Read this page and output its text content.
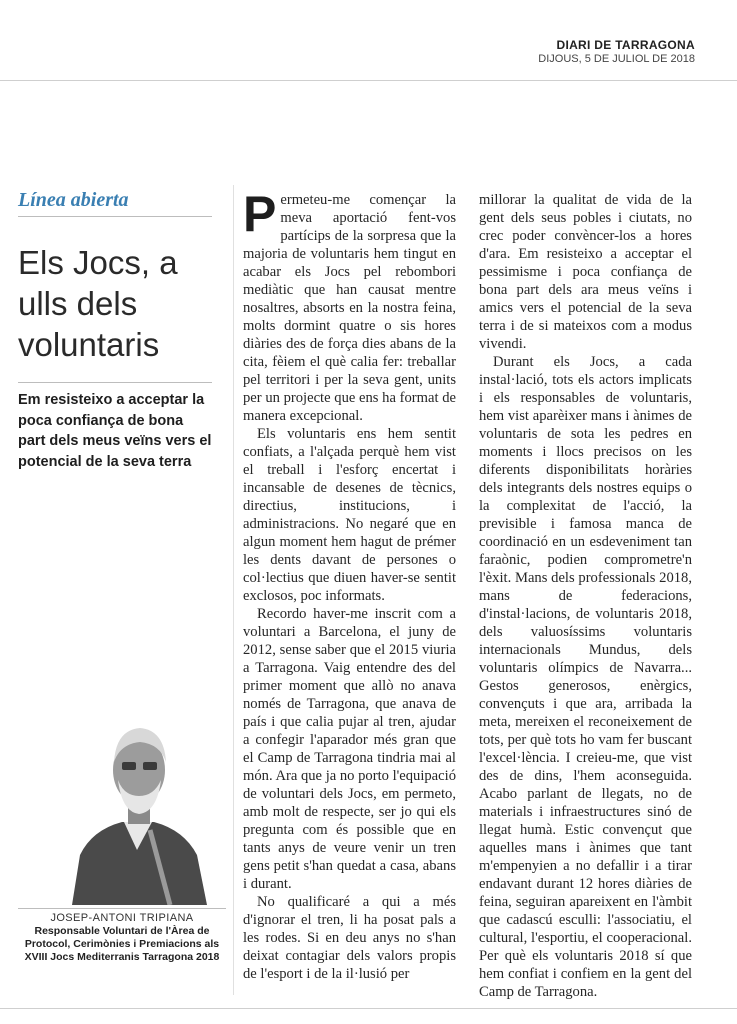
DIARI DE TARRAGONA
DIJOUS, 5 DE JULIOL DE 2018
Línea abierta
Els Jocs, a ulls dels voluntaris

Em resisteixo a acceptar la poca confiança de bona part dels meus veïns vers el potencial de la seva terra

JOSEP-ANTONI TRIPIANA
Responsable Voluntari de l'Àrea de Protocol, Cerimònies i Premiacions als XVIII Jocs Mediterranis Tarragona 2018

Permeteu-me començar la meva aportació fent-vos partícips de la sorpresa que la majoria de voluntaris hem tingut en acabar els Jocs pel rebombori mediàtic que han causat mentre nosaltres, absorts en la nostra feina, molts dormint quatre o sis hores diàries des de força dies abans de la cita, fèiem el què calia fer: treballar pel territori i per la seva gent, units per un projecte que ens ha format de manera excepcional.

Els voluntaris ens hem sentit confiats, a l'alçada perquè hem vist el treball i l'esforç encertat i incansable de desenes de tècnics, directius, institucions, i administracions. No negaré que en algun moment hem hagut de prémer les dents davant de persones o col·lectius que diuen haver-se sentit exclosos, poc informats.

Recordo haver-me inscrit com a voluntari a Barcelona, el juny de 2012, sense saber que el 2015 viuria a Tarragona. Vaig entendre des del primer moment que allò no anava només de Tarragona, que anava de país i que calia pujar al tren, ajudar a confegir l'aparador més gran que el Camp de Tarragona tindria mai al món. Ara que ja no porto l'equipació de voluntari dels Jocs, em permeto, amb molt de respecte, ser jo qui els pregunta com és possible que en tants anys de veure venir un tren gens petit s'han quedat a casa, abans i durant.

No qualificaré a qui a més d'ignorar el tren, li ha posat pals a les rodes. Si en deu anys no s'han deixat contagiar dels valors propis de l'esport i de la il·lusió per

millorar la qualitat de vida de la gent dels seus pobles i ciutats, no crec poder convèncer-los a hores d'ara. Em resisteixo a acceptar el pessimisme i poca confiança de bona part dels ara meus veïns i amics vers el potencial de la seva terra i de si mateixos com a modus vivendi.

Durant els Jocs, a cada instal·lació, tots els actors implicats i els responsables de voluntaris, hem vist aparèixer mans i ànimes de voluntaris de sota les pedres en moments i llocs precisos on les diferents disponibilitats horàries dels integrants dels nostres equips o la complexitat de l'acció, la previsible i famosa manca de coordinació en un esdeveniment tan faraònic, podien comprometre'n l'èxit. Mans dels professionals 2018, mans de federacions, d'instal·lacions, de voluntaris 2018, dels valuosíssims voluntaris internacionals Mundus, dels voluntaris olímpics de Navarra... Gestos generosos, enèrgics, convençuts i que ara, arribada la meta, mereixen el reconeixement de tots, per què tots ho vam fer buscant l'excel·lència. I creieu-me, que vist des de dins, l'hem aconseguida. Acabo parlant de llegats, no de materials i infraestructures sinó de llegat humà. Estic convençut que aquelles mans i ànimes que tant m'empenyien a no defallir i a tirar endavant durant 12 hores diàries de feina, seguiran apareixent en l'àmbit que cadascú esculli: l'associatiu, el cultural, l'esportiu, el cooperacional. Per què els voluntaris 2018 sí que hem confiat i confiem en la gent del Camp de Tarragona.
